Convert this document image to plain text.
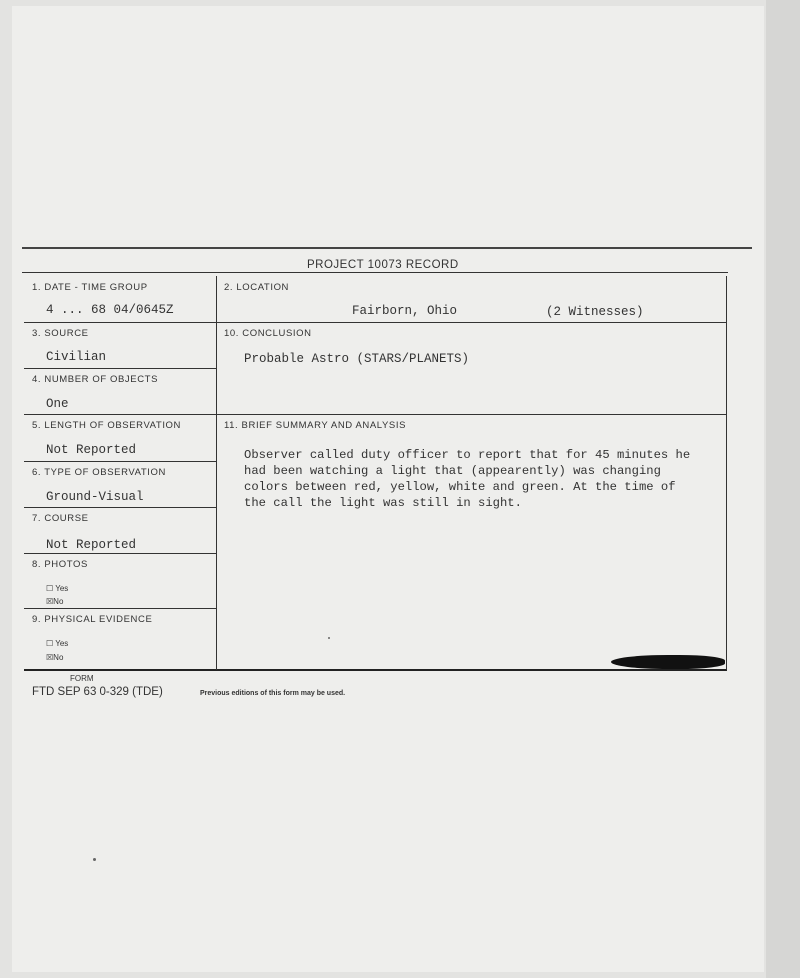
PROJECT 10073 RECORD
1. DATE - TIME GROUP
4 ... 68 04/0645Z
2. LOCATION
Fairborn, Ohio	(2 Witnesses)
3. SOURCE
Civilian
10. CONCLUSION
Probable Astro (STARS/PLANETS)
4. NUMBER OF OBJECTS
One
5. LENGTH OF OBSERVATION
Not Reported
11. BRIEF SUMMARY AND ANALYSIS
Observer called duty officer to report that for 45 minutes he
had been watching a light that (appearently) was changing
colors between red, yellow, white and green. At the time of
the call the light was still in sight.
6. TYPE OF OBSERVATION
Ground-Visual
7. COURSE
Not Reported
8. PHOTOS
☐ Yes
☒No
9. PHYSICAL EVIDENCE
☐ Yes
☒No
FORM
FTD SEP 63 0-329 (TDE)	Previous editions of this form may be used.
